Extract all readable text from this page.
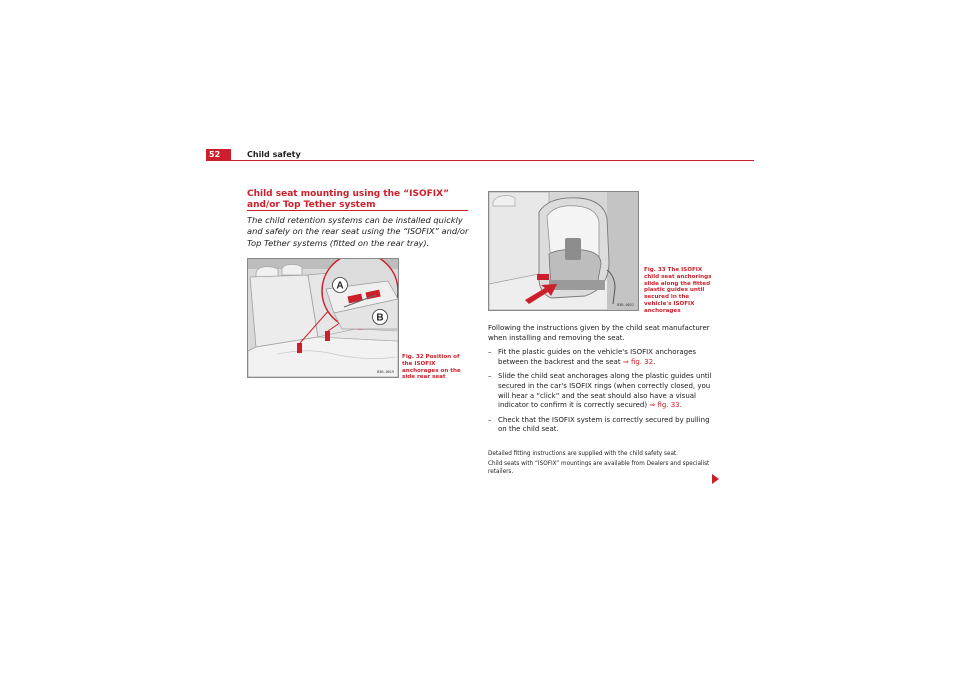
52	Child safety
Child seat mounting using the “ISOFIX” and/or Top Tether system
The child retention systems can be installed quickly and safely on the rear seat using the “ISOFIX” and/or Top Tether systems (fitted on the rear tray).
A
B
B3B-0019
Fig. 32 Position of the ISOFIX anchorages on the side rear seat
B3B-0021
Fig. 33 The ISOFIX child seat anchorings slide along the fitted plastic guides until secured in the vehicle's ISOFIX anchorages

Following the instructions given by the child seat manufacturer when installing and removing the seat.

– Fit the plastic guides on the vehicle's ISOFIX anchorages between the backrest and the seat ⇒ fig. 32.
– Slide the child seat anchorages along the plastic guides until secured in the car's ISOFIX rings (when correctly closed, you will hear a “click” and the seat should also have a visual indicator to confirm it is correctly secured) ⇒ fig. 33.
– Check that the ISOFIX system is correctly secured by pulling on the child seat.

Detailed fitting instructions are supplied with the child safety seat.

Child seats with “ISOFIX” mountings are available from Dealers and specialist retailers.
